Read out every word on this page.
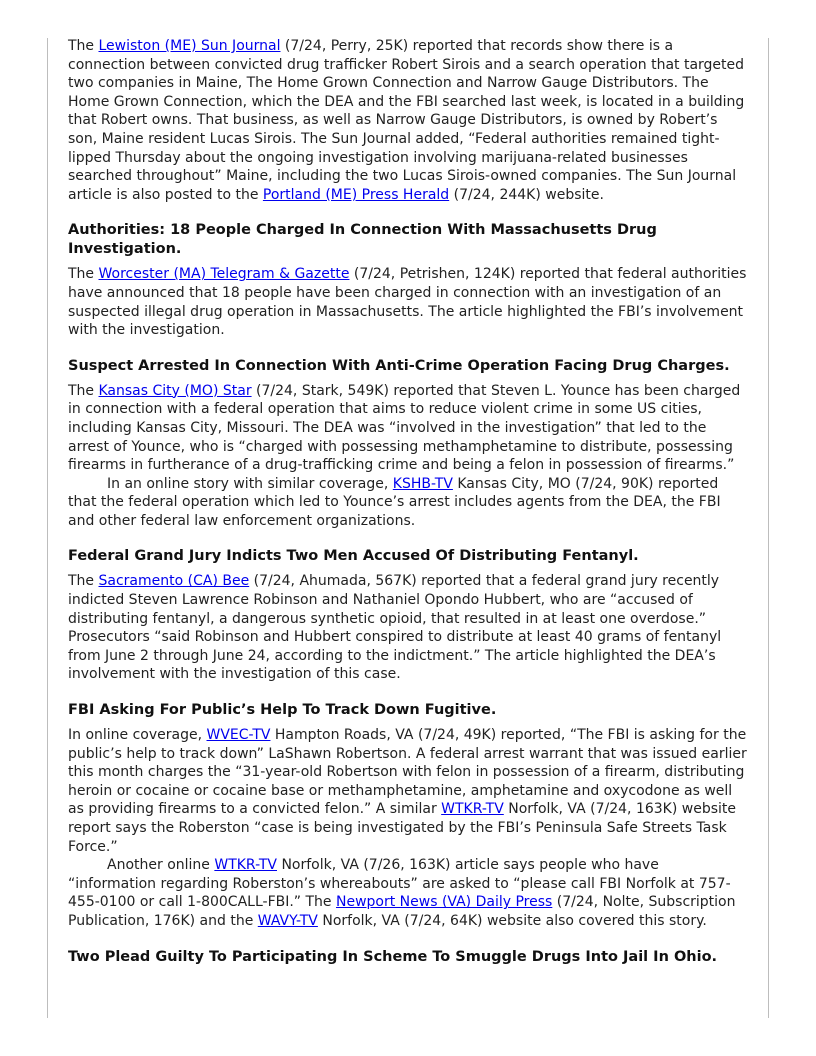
The Lewiston (ME) Sun Journal (7/24, Perry, 25K) reported that records show there is a connection between convicted drug trafficker Robert Sirois and a search operation that targeted two companies in Maine, The Home Grown Connection and Narrow Gauge Distributors. The Home Grown Connection, which the DEA and the FBI searched last week, is located in a building that Robert owns. That business, as well as Narrow Gauge Distributors, is owned by Robert’s son, Maine resident Lucas Sirois. The Sun Journal added, “Federal authorities remained tight-lipped Thursday about the ongoing investigation involving marijuana-related businesses searched throughout” Maine, including the two Lucas Sirois-owned companies. The Sun Journal article is also posted to the Portland (ME) Press Herald (7/24, 244K) website.

Authorities: 18 People Charged In Connection With Massachusetts Drug Investigation.

The Worcester (MA) Telegram & Gazette (7/24, Petrishen, 124K) reported that federal authorities have announced that 18 people have been charged in connection with an investigation of an suspected illegal drug operation in Massachusetts. The article highlighted the FBI’s involvement with the investigation.

Suspect Arrested In Connection With Anti-Crime Operation Facing Drug Charges.

The Kansas City (MO) Star (7/24, Stark, 549K) reported that Steven L. Younce has been charged in connection with a federal operation that aims to reduce violent crime in some US cities, including Kansas City, Missouri. The DEA was “involved in the investigation” that led to the arrest of Younce, who is “charged with possessing methamphetamine to distribute, possessing firearms in furtherance of a drug-trafficking crime and being a felon in possession of firearms.”

In an online story with similar coverage, KSHB-TV Kansas City, MO (7/24, 90K) reported that the federal operation which led to Younce’s arrest includes agents from the DEA, the FBI and other federal law enforcement organizations.

Federal Grand Jury Indicts Two Men Accused Of Distributing Fentanyl.

The Sacramento (CA) Bee (7/24, Ahumada, 567K) reported that a federal grand jury recently indicted Steven Lawrence Robinson and Nathaniel Opondo Hubbert, who are “accused of distributing fentanyl, a dangerous synthetic opioid, that resulted in at least one overdose.” Prosecutors “said Robinson and Hubbert conspired to distribute at least 40 grams of fentanyl from June 2 through June 24, according to the indictment.” The article highlighted the DEA’s involvement with the investigation of this case.

FBI Asking For Public’s Help To Track Down Fugitive.

In online coverage, WVEC-TV Hampton Roads, VA (7/24, 49K) reported, “The FBI is asking for the public’s help to track down” LaShawn Robertson. A federal arrest warrant that was issued earlier this month charges the “31-year-old Robertson with felon in possession of a firearm, distributing heroin or cocaine or cocaine base or methamphetamine, amphetamine and oxycodone as well as providing firearms to a convicted felon.” A similar WTKR-TV Norfolk, VA (7/24, 163K) website report says the Roberston “case is being investigated by the FBI’s Peninsula Safe Streets Task Force.”

Another online WTKR-TV Norfolk, VA (7/26, 163K) article says people who have “information regarding Roberston’s whereabouts” are asked to “please call FBI Norfolk at 757-455-0100 or call 1-800CALL-FBI.” The Newport News (VA) Daily Press (7/24, Nolte, Subscription Publication, 176K) and the WAVY-TV Norfolk, VA (7/24, 64K) website also covered this story.

Two Plead Guilty To Participating In Scheme To Smuggle Drugs Into Jail In Ohio.
